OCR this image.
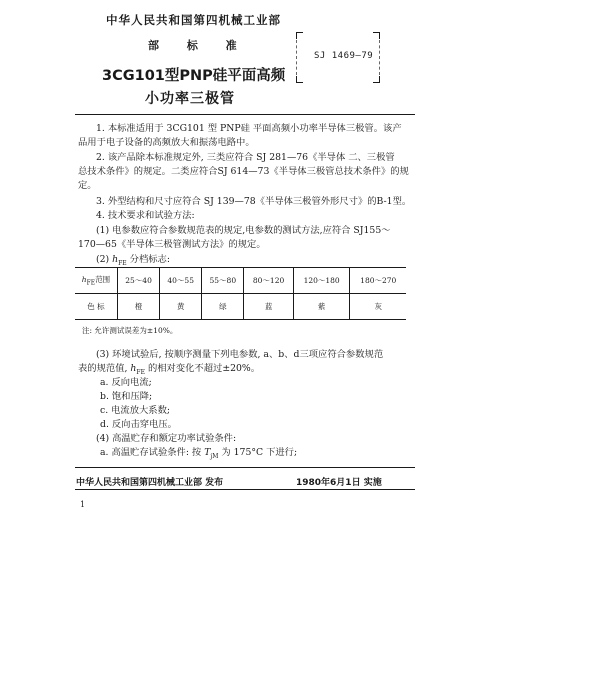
中华人民共和国第四机械工业部
部 标 准
SJ 1469—79
3CG101型PNP硅平面高频
小功率三极管
1. 本标准适用于 3CG101 型 PNP硅 平面高频小功率半导体三极管。该产
品用于电子设备的高频放大和振荡电路中。
2. 该产品除本标准规定外, 三类应符合 SJ 281—76《半导体 二、三极管
总技术条件》的规定。二类应符合SJ 614—73《半导体三极管总技术条件》的规
定。
3. 外型结构和尺寸应符合 SJ 139—78《半导体三极管外形尺寸》的B-1型。
4. 技术要求和试验方法:
(1) 电参数应符合参数规范表的规定,电参数的测试方法,应符合 SJ155～
170—65《半导体三极管测试方法》的规定。
(2) $h_{FE}$ 分档标志:
$h_{FE}$范围	25～40	40～55	55～80	80～120	120～180	180～270
色 标	橙	黄	绿	蓝	紫	灰
注: 允许测试误差为±10%。
(3) 环境试验后, 按顺序测量下列电参数, a、b、d三项应符合参数规范
表的规范值, $h_{FE}$ 的相对变化不超过±20%。
a. 反向电流;
b. 饱和压降;
c. 电流放大系数;
d. 反向击穿电压。
(4) 高温贮存和额定功率试验条件:
a. 高温贮存试验条件: 按 $T_{jM}$ 为 175°C 下进行;
中华人民共和国第四机械工业部 发布	1980年6月1日 实施
1
